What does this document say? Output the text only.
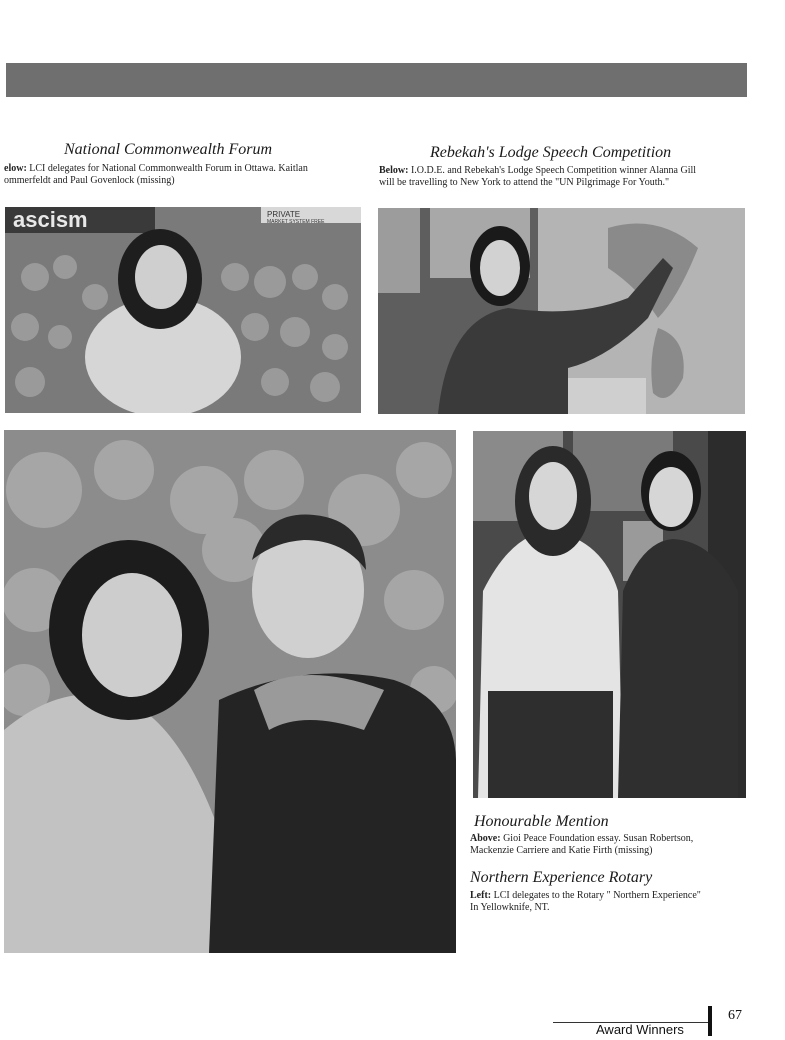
National Commonwealth Forum
elow: LCI delegates for National Commonwealth Forum in Ottawa. Kaitlan
ommerfeldt and Paul Govenlock (missing)
ascism	PRIVATE
MARKET SYSTEM FREE
Rebekah's Lodge Speech Competition
Below: I.O.D.E. and Rebekah's Lodge Speech Competition winner Alanna Gill
will be travelling to New York to attend the "UN Pilgrimage For Youth."
Honourable Mention
Above: Gioi Peace Foundation essay. Susan Robertson,
Mackenzie Carriere and Katie Firth (missing)
Northern Experience Rotary
Left: LCI delegates to the Rotary " Northern Experience"
In Yellowknife, NT.
Award Winners
67
